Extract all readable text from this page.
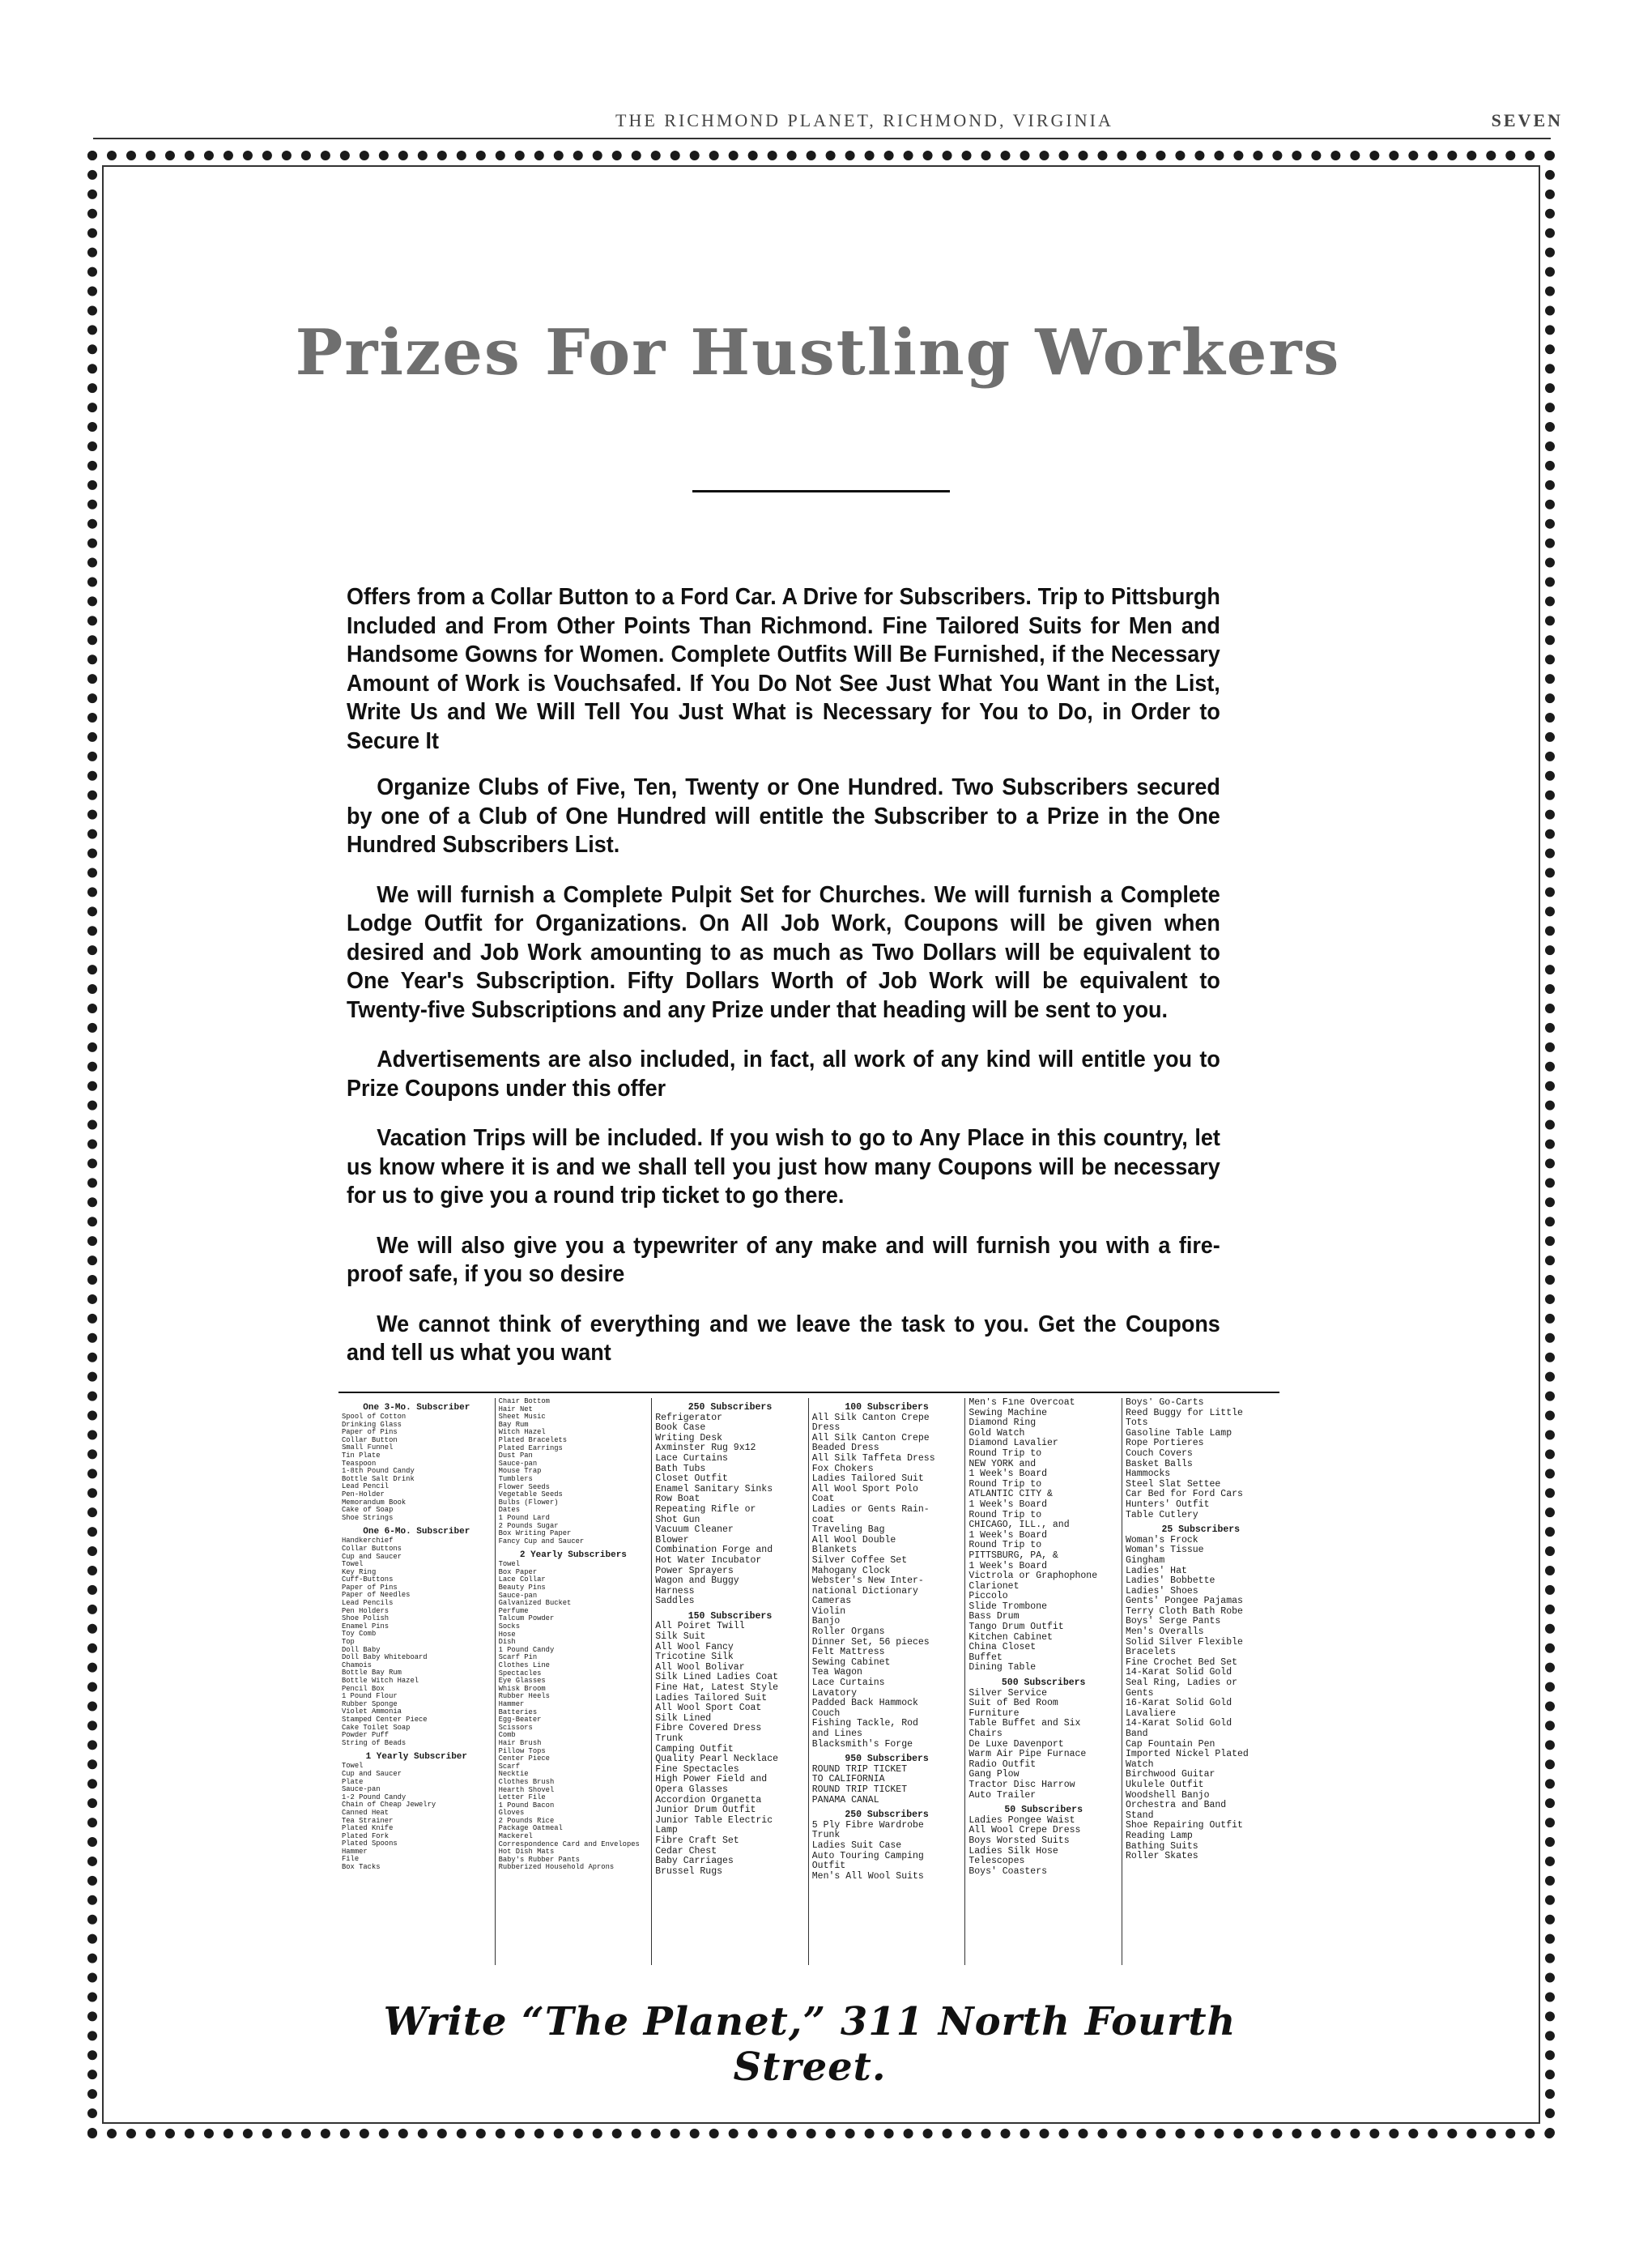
THE RICHMOND PLANET, RICHMOND, VIRGINIA	SEVEN
Prizes For Hustling Workers

Offers from a Collar Button to a Ford Car. A Drive for Subscribers. Trip to Pittsburgh Included and From Other Points Than Richmond. Fine Tailored Suits for Men and Handsome Gowns for Women. Complete Outfits Will Be Furnished, if the Necessary Amount of Work is Vouchsafed. If You Do Not See Just What You Want in the List, Write Us and We Will Tell You Just What is Necessary for You to Do, in Order to Secure It

Organize Clubs of Five, Ten, Twenty or One Hundred. Two Subscribers secured by one of a Club of One Hundred will entitle the Subscriber to a Prize in the One Hundred Subscribers List.

We will furnish a Complete Pulpit Set for Churches. We will furnish a Complete Lodge Outfit for Organizations. On All Job Work, Coupons will be given when desired and Job Work amounting to as much as Two Dollars will be equivalent to One Year's Subscription. Fifty Dollars Worth of Job Work will be equivalent to Twenty-five Subscriptions and any Prize under that heading will be sent to you.

Advertisements are also included, in fact, all work of any kind will entitle you to Prize Coupons under this offer

Vacation Trips will be included. If you wish to go to Any Place in this country, let us know where it is and we shall tell you just how many Coupons will be necessary for us to give you a round trip ticket to go there.

We will also give you a typewriter of any make and will furnish you with a fire-proof safe, if you so desire

We cannot think of everything and we leave the task to you. Get the Coupons and tell us what you want

One 3-Mo. Subscriber
Spool of Cotton
Drinking Glass
Paper of Pins
Collar Button
Small Funnel
Tin Plate
Teaspoon
1-8th Pound Candy
Bottle Salt Drink
Lead Pencil
Pen-Holder
Memorandum Book
Cake of Soap
Shoe Strings
One 6-Mo. Subscriber
Handkerchief
Collar Buttons
Cup and Saucer
Towel
Key Ring
Cuff-Buttons
Paper of Pins
Paper of Needles
Lead Pencils
Pen Holders
Shoe Polish
Enamel Pins
Toy Comb
Top
Doll Baby
Doll Baby Whiteboard
Chamois
Bottle Bay Rum
Bottle Witch Hazel
Pencil Box
1 Pound Flour
Rubber Sponge
Violet Ammonia
Stamped Center Piece
Cake Toilet Soap
Powder Puff
String of Beads
1 Yearly Subscriber
Towel
Cup and Saucer
Plate
Sauce-pan
1-2 Pound Candy
Chain of Cheap Jewelry
Canned Heat
Tea Strainer
Plated Knife
Plated Fork
Plated Spoons
Hammer
File
Box Tacks
Chair Bottom
Hair Net
Sheet Music
Bay Rum
Witch Hazel
Plated Bracelets
Plated Earrings
Dust Pan
Sauce-pan
Mouse Trap
Tumblers
Flower Seeds
Vegetable Seeds
Bulbs (Flower)
Dates
1 Pound Lard
2 Pounds Sugar
Box Writing Paper
Fancy Cup and Saucer
2 Yearly Subscribers
Towel
Box Paper
Lace Collar
Beauty Pins
Sauce-pan
Galvanized Bucket
Perfume
Talcum Powder
Socks
Hose
Dish
1 Pound Candy
Scarf Pin
Clothes Line
Spectacles
Eye Glasses
Whisk Broom
Rubber Heels
Hammer
Batteries
Egg-Beater
Scissors
Comb
Hair Brush
Pillow Tops
Center Piece
Scarf
Necktie
Clothes Brush
Hearth Shovel
Letter File
1 Pound Bacon
Gloves
2 Pounds Rice
Package Oatmeal
Mackerel
Correspondence Card and Envelopes
Hot Dish Mats
Baby's Rubber Pants
Rubberized Household Aprons
250 Subscribers
Refrigerator
Book Case
Writing Desk
Axminster Rug 9x12
Lace Curtains
Bath Tubs
Closet Outfit
Enamel Sanitary Sinks
Row Boat
Repeating Rifle or
Shot Gun
Vacuum Cleaner
Blower
Combination Forge and
Hot Water Incubator
Power Sprayers
Wagon and Buggy
Harness
Saddles
150 Subscribers
All Poiret Twill
Silk Suit
All Wool Fancy
Tricotine Silk
All Wool Bolivar
Silk Lined Ladies Coat
Fine Hat, Latest Style
Ladies Tailored Suit
All Wool Sport Coat
Silk Lined
Fibre Covered Dress
Trunk
Camping Outfit
Quality Pearl Necklace
Fine Spectacles
High Power Field and
Opera Glasses
Accordion Organetta
Junior Drum Outfit
Junior Table Electric
Lamp
Fibre Craft Set
Cedar Chest
Baby Carriages
Brussel Rugs
100 Subscribers
All Silk Canton Crepe
Dress
All Silk Canton Crepe
Beaded Dress
All Silk Taffeta Dress
Fox Chokers
Ladies Tailored Suit
All Wool Sport Polo
Coat
Ladies or Gents Rain-
coat
Traveling Bag
All Wool Double
Blankets
Silver Coffee Set
Mahogany Clock
Webster's New Inter-
national Dictionary
Cameras
Violin
Banjo
Roller Organs
Dinner Set, 56 pieces
Felt Mattress
Sewing Cabinet
Tea Wagon
Lace Curtains
Lavatory
Padded Back Hammock
Couch
Fishing Tackle, Rod
and Lines
Blacksmith's Forge
950 Subscribers
ROUND TRIP TICKET
TO CALIFORNIA
ROUND TRIP TICKET
PANAMA CANAL
250 Subscribers
5 Ply Fibre Wardrobe
Trunk
Ladies Suit Case
Auto Touring Camping
Outfit
Men's All Wool Suits
Men's Fine Overcoat
Sewing Machine
Diamond Ring
Gold Watch
Diamond Lavalier
Round Trip to
NEW YORK and
1 Week's Board
Round Trip to
ATLANTIC CITY &
1 Week's Board
Round Trip to
CHICAGO, ILL., and
1 Week's Board
Round Trip to
PITTSBURG, PA, &
1 Week's Board
Victrola or Graphophone
Clarionet
Piccolo
Slide Trombone
Bass Drum
Tango Drum Outfit
Kitchen Cabinet
China Closet
Buffet
Dining Table
500 Subscribers
Silver Service
Suit of Bed Room
Furniture
Table Buffet and Six
Chairs
De Luxe Davenport
Warm Air Pipe Furnace
Radio Outfit
Gang Plow
Tractor Disc Harrow
Auto Trailer
50 Subscribers
Ladies Pongee Waist
All Wool Crepe Dress
Boys Worsted Suits
Ladies Silk Hose
Telescopes
Boys' Coasters
Boys' Go-Carts
Reed Buggy for Little
Tots
Gasoline Table Lamp
Rope Portieres
Couch Covers
Basket Balls
Hammocks
Steel Slat Settee
Car Bed for Ford Cars
Hunters' Outfit
Table Cutlery
25 Subscribers
Woman's Frock
Woman's Tissue
Gingham
Ladies' Hat
Ladies' Bobbette
Ladies' Shoes
Gents' Pongee Pajamas
Terry Cloth Bath Robe
Boys' Serge Pants
Men's Overalls
Solid Silver Flexible
Bracelets
Fine Crochet Bed Set
14-Karat Solid Gold
Seal Ring, Ladies or
Gents
16-Karat Solid Gold
Lavaliere
14-Karat Solid Gold
Band
Cap Fountain Pen
Imported Nickel Plated
Watch
Birchwood Guitar
Ukulele Outfit
Woodshell Banjo
Orchestra and Band
Stand
Shoe Repairing Outfit
Reading Lamp
Bathing Suits
Roller Skates
Write “The Planet,” 311 North Fourth Street.
